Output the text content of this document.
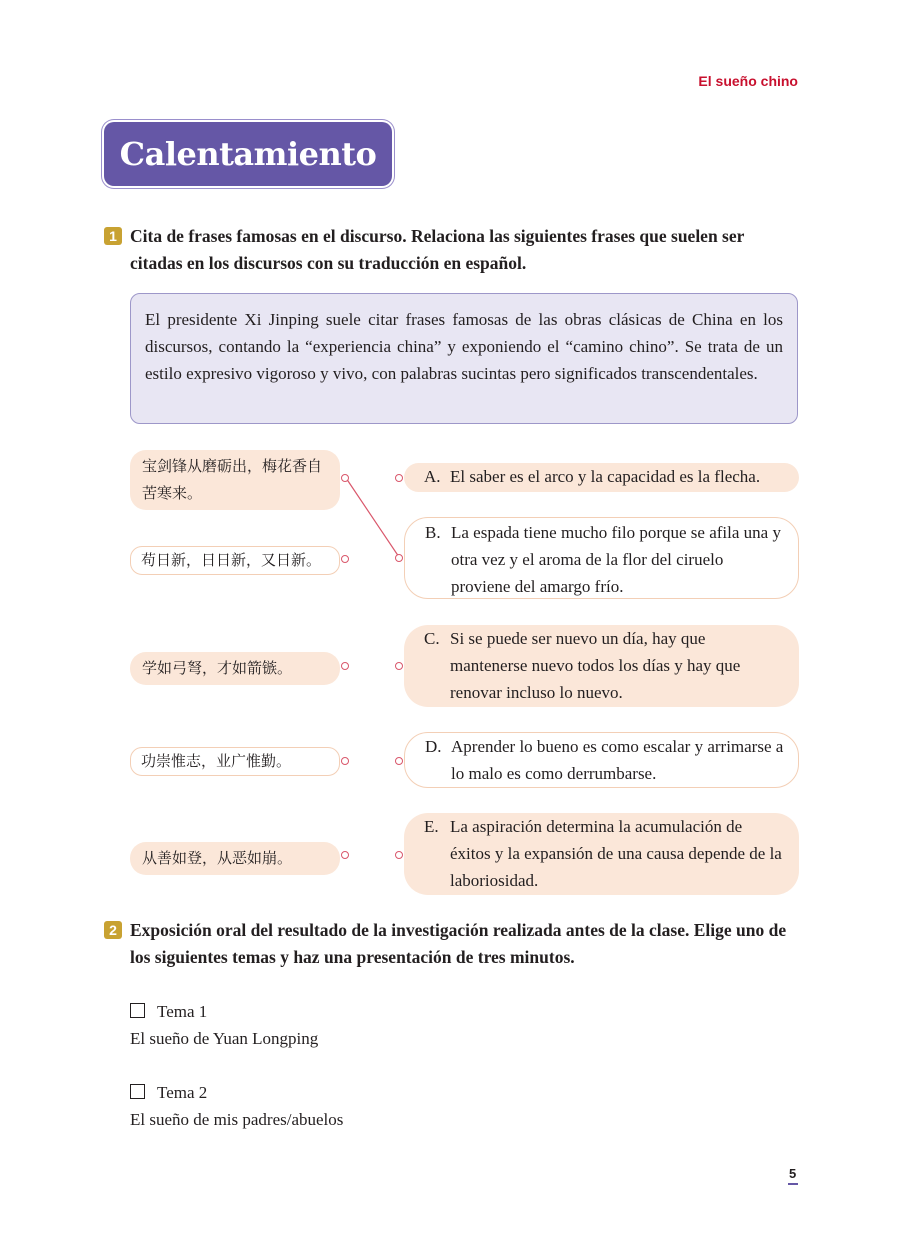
El sueño chino
Calentamiento
1 Cita de frases famosas en el discurso. Relaciona las siguientes frases que suelen ser citadas en los discursos con su traducción en español.
El presidente Xi Jinping suele citar frases famosas de las obras clásicas de China en los discursos, contando la “experiencia china” y exponiendo el “camino chino”. Se trata de un estilo expresivo vigoroso y vivo, con palabras sucintas pero significados transcendentales.
宝剑锋从磨砺出，梅花香自苦寒来。
苟日新，日日新，又日新。
学如弓弩，才如箭镞。
功崇惟志，业广惟勤。
从善如登，从恶如崩。
A. El saber es el arco y la capacidad es la flecha.
B. La espada tiene mucho filo porque se afila una y otra vez y el aroma de la flor del ciruelo proviene del amargo frío.
C. Si se puede ser nuevo un día, hay que mantenerse nuevo todos los días y hay que renovar incluso lo nuevo.
D. Aprender lo bueno es como escalar y arrimarse a lo malo es como derrumbarse.
E. La aspiración determina la acumulación de éxitos y la expansión de una causa depende de la laboriosidad.
2 Exposición oral del resultado de la investigación realizada antes de la clase. Elige uno de los siguientes temas y haz una presentación de tres minutos.
Tema 1
El sueño de Yuan Longping
Tema 2
El sueño de mis padres/abuelos
5
